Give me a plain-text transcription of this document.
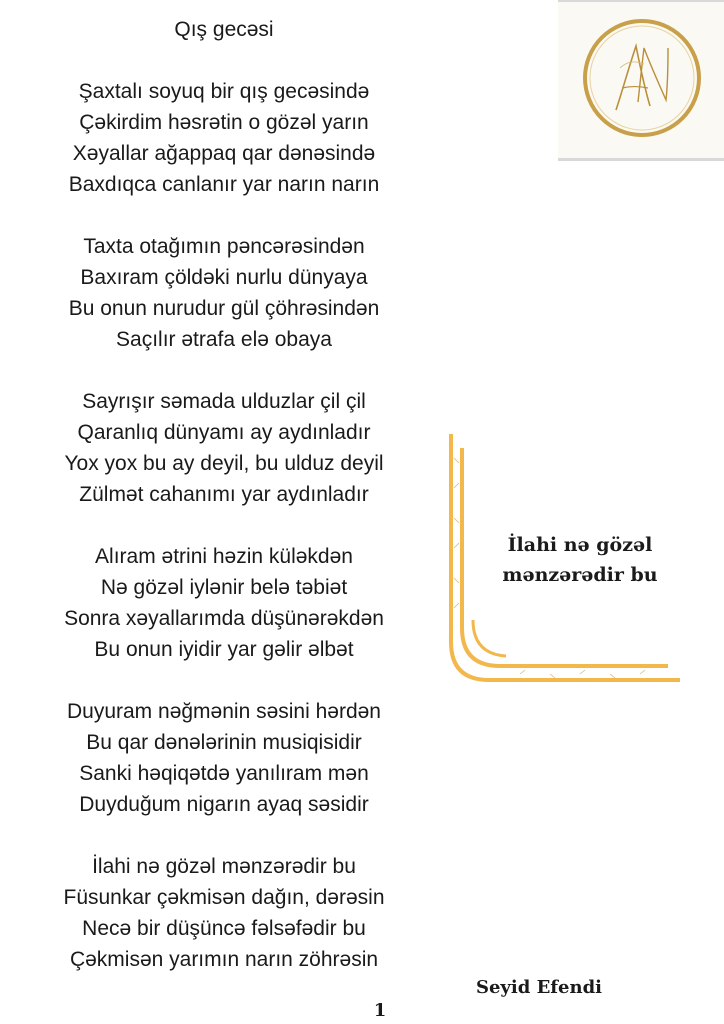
Qış gecəsi
Şaxtalı soyuq bir qış gecəsində
Çəkirdim həsrətin o gözəl yarın
Xəyallar ağappaq qar dənəsində
Baxdıqca canlanır yar narın narın
Taxta otağımın pəncərəsindən
Baxıram çöldəki nurlu dünyaya
Bu onun nurudur gül çöhrəsindən
Saçılır ətrafa elə obaya
Sayrışır səmada ulduzlar çil çil
Qaranlıq dünyamı ay aydınladır
Yox yox bu ay deyil, bu ulduz deyil
Zülmət cahanımı yar aydınladır
Alıram ətrini həzin küləkdən
Nə gözəl iylənir belə təbiət
Sonra xəyallarımda düşünərəkdən
Bu onun iyidir yar gəlir əlbət
Duyuram nəğmənin səsini hərdən
Bu qar dənələrinin musiqisidir
Sanki həqiqətdə yanılıram mən
Duyduğum nigarın ayaq səsidir
İlahi nə gözəl mənzərədir bu
Füsunkar çəkmisən dağın, dərəsin
Necə bir düşüncə fəlsəfədir bu
Çəkmisən yarımın narın zöhrəsin
İlahi nə gözəl
mənzərədir bu
Seyid Efendi
1
